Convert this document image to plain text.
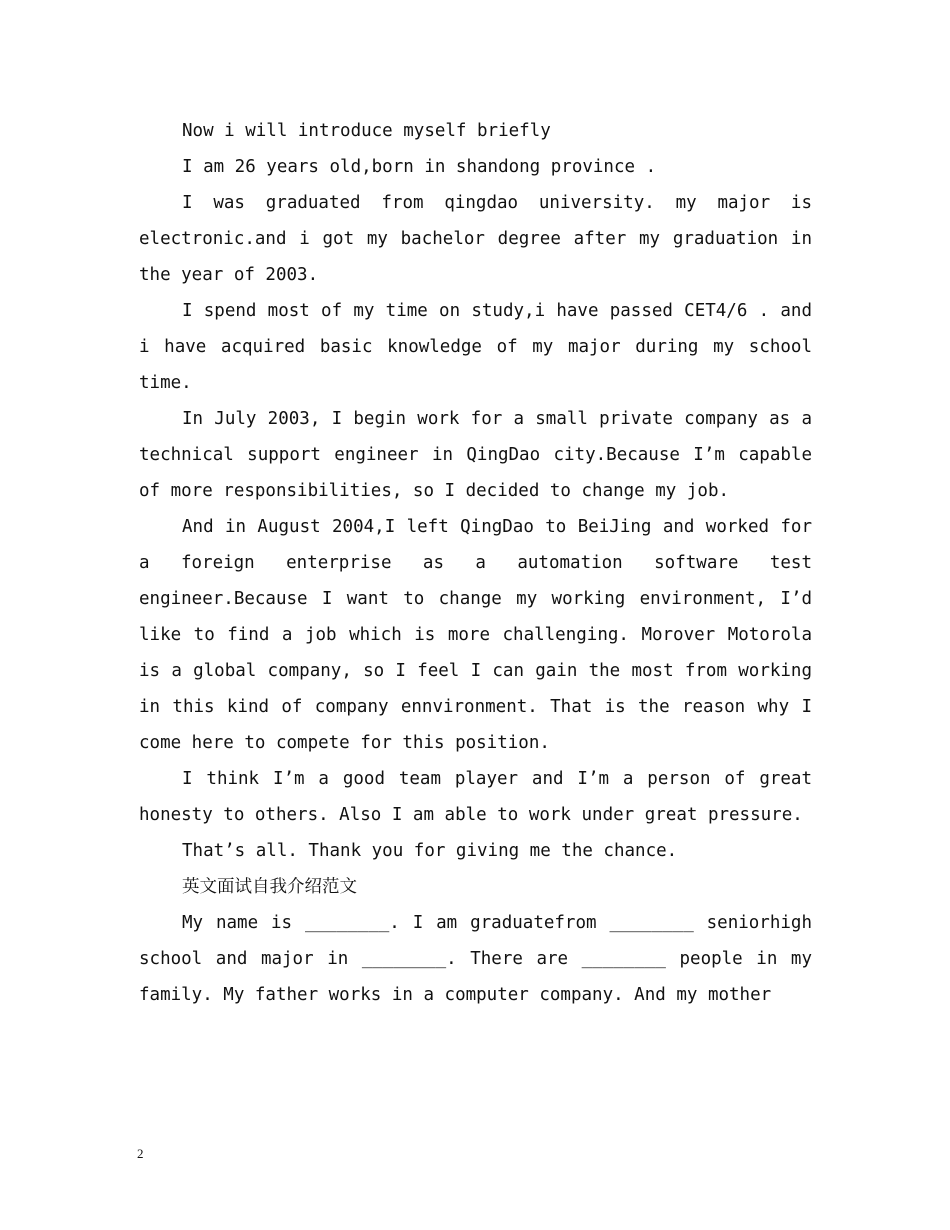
Now i will introduce myself briefly

I am 26 years old,born in shandong province .

I was graduated from qingdao university. my major is electronic.and i got my bachelor degree after my graduation in the year of 2003.

I spend most of my time on study,i have passed CET4/6 . and i have acquired basic knowledge of my major during my school time.

In July 2003, I begin work for a small private company as a technical support engineer in QingDao city.Because I’m capable of more responsibilities, so I decided to change my job.

And in August 2004,I left QingDao to BeiJing and worked for a foreign enterprise as a automation software test engineer.Because I want to change my working environment, I’d like to find a job which is more challenging. Morover Motorola is a global company, so I feel I can gain the most from working in this kind of company ennvironment. That is the reason why I come here to compete for this position.

I think I’m a good team player and I’m a person of great honesty to others. Also I am able to work under great pressure.

That’s all. Thank you for giving me the chance.

英文面试自我介绍范文

My name is ________. I am graduatefrom ________ seniorhigh school and major in ________. There are ________ people in my family. My father works in a computer company. And my mother

2
